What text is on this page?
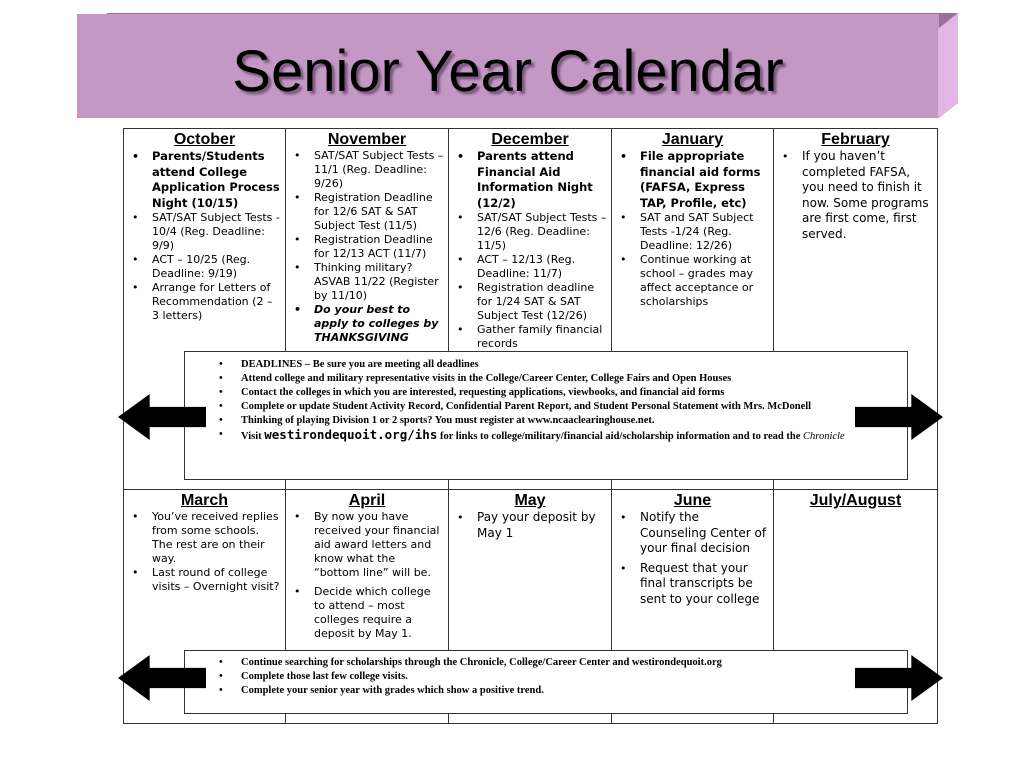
Senior Year Calendar
October
• Parents/Students attend College Application Process Night (10/15)
• SAT/SAT Subject Tests - 10/4 (Reg. Deadline: 9/9)
• ACT – 10/25 (Reg. Deadline: 9/19)
• Arrange for Letters of Recommendation (2 – 3 letters)
November
• SAT/SAT Subject Tests – 11/1 (Reg. Deadline: 9/26)
• Registration Deadline for 12/6 SAT & SAT Subject Test (11/5)
• Registration Deadline for 12/13 ACT (11/7)
• Thinking military? ASVAB 11/22 (Register by 11/10)
• Do your best to apply to colleges by THANKSGIVING
December
• Parents attend Financial Aid Information Night (12/2)
• SAT/SAT Subject Tests – 12/6 (Reg. Deadline: 11/5)
• ACT – 12/13 (Reg. Deadline: 11/7)
• Registration deadline for 1/24 SAT & SAT Subject Test (12/26)
• Gather family financial records
January
• File appropriate financial aid forms (FAFSA, Express TAP, Profile, etc)
• SAT and SAT Subject Tests -1/24 (Reg. Deadline: 12/26)
• Continue working at school – grades may affect acceptance or scholarships
February
• If you haven’t completed FAFSA, you need to finish it now. Some programs are first come, first served.
• DEADLINES – Be sure you are meeting all deadlines
• Attend college and military representative visits in the College/Career Center, College Fairs and Open Houses
• Contact the colleges in which you are interested, requesting applications, viewbooks, and financial aid forms
• Complete or update Student Activity Record, Confidential Parent Report, and Student Personal Statement with Mrs. McDonell
• Thinking of playing Division 1 or 2 sports? You must register at www.ncaaclearinghouse.net.
• Visit westirondequoit.org/ihs for links to college/military/financial aid/scholarship information and to read the Chronicle
March
• You’ve received replies from some schools. The rest are on their way.
• Last round of college visits – Overnight visit?
April
• By now you have received your financial aid award letters and know what the “bottom line” will be.
• Decide which college to attend – most colleges require a deposit by May 1.
May
• Pay your deposit by May 1
June
• Notify the Counseling Center of your final decision
• Request that your final transcripts be sent to your college
July/August
• Continue searching for scholarships through the Chronicle, College/Career Center and westirondequoit.org
• Complete those last few college visits.
• Complete your senior year with grades which show a positive trend.
